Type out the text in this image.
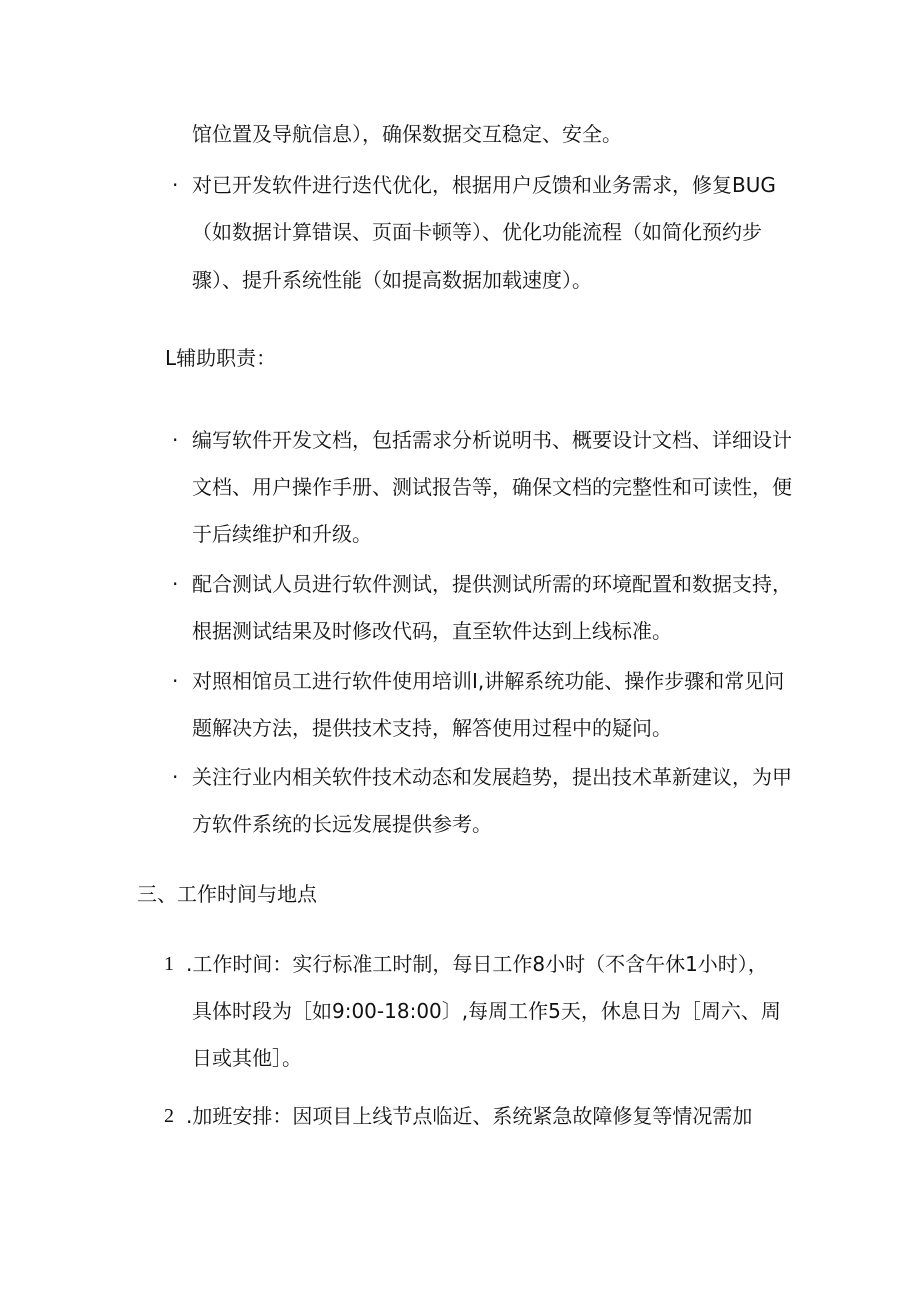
馆位置及导航信息），确保数据交互稳定、安全。
· 对已开发软件进行迭代优化，根据用户反馈和业务需求，修复BUG
（如数据计算错误、页面卡顿等）、优化功能流程（如简化预约步
骤）、提升系统性能（如提高数据加载速度）。
L辅助职责：
· 编写软件开发文档，包括需求分析说明书、概要设计文档、详细设计
文档、用户操作手册、测试报告等，确保文档的完整性和可读性，便
于后续维护和升级。
· 配合测试人员进行软件测试，提供测试所需的环境配置和数据支持，
根据测试结果及时修改代码，直至软件达到上线标准。
· 对照相馆员工进行软件使用培训I,讲解系统功能、操作步骤和常见问
题解决方法，提供技术支持，解答使用过程中的疑问。
· 关注行业内相关软件技术动态和发展趋势，提出技术革新建议，为甲
方软件系统的长远发展提供参考。
三、工作时间与地点
1 .工作时间：实行标准工时制，每日工作8小时（不含午休1小时），
具体时段为［如9:00-18:00〕,每周工作5天，休息日为［周六、周
日或其他］。
2 .加班安排：因项目上线节点临近、系统紧急故障修复等情况需加
